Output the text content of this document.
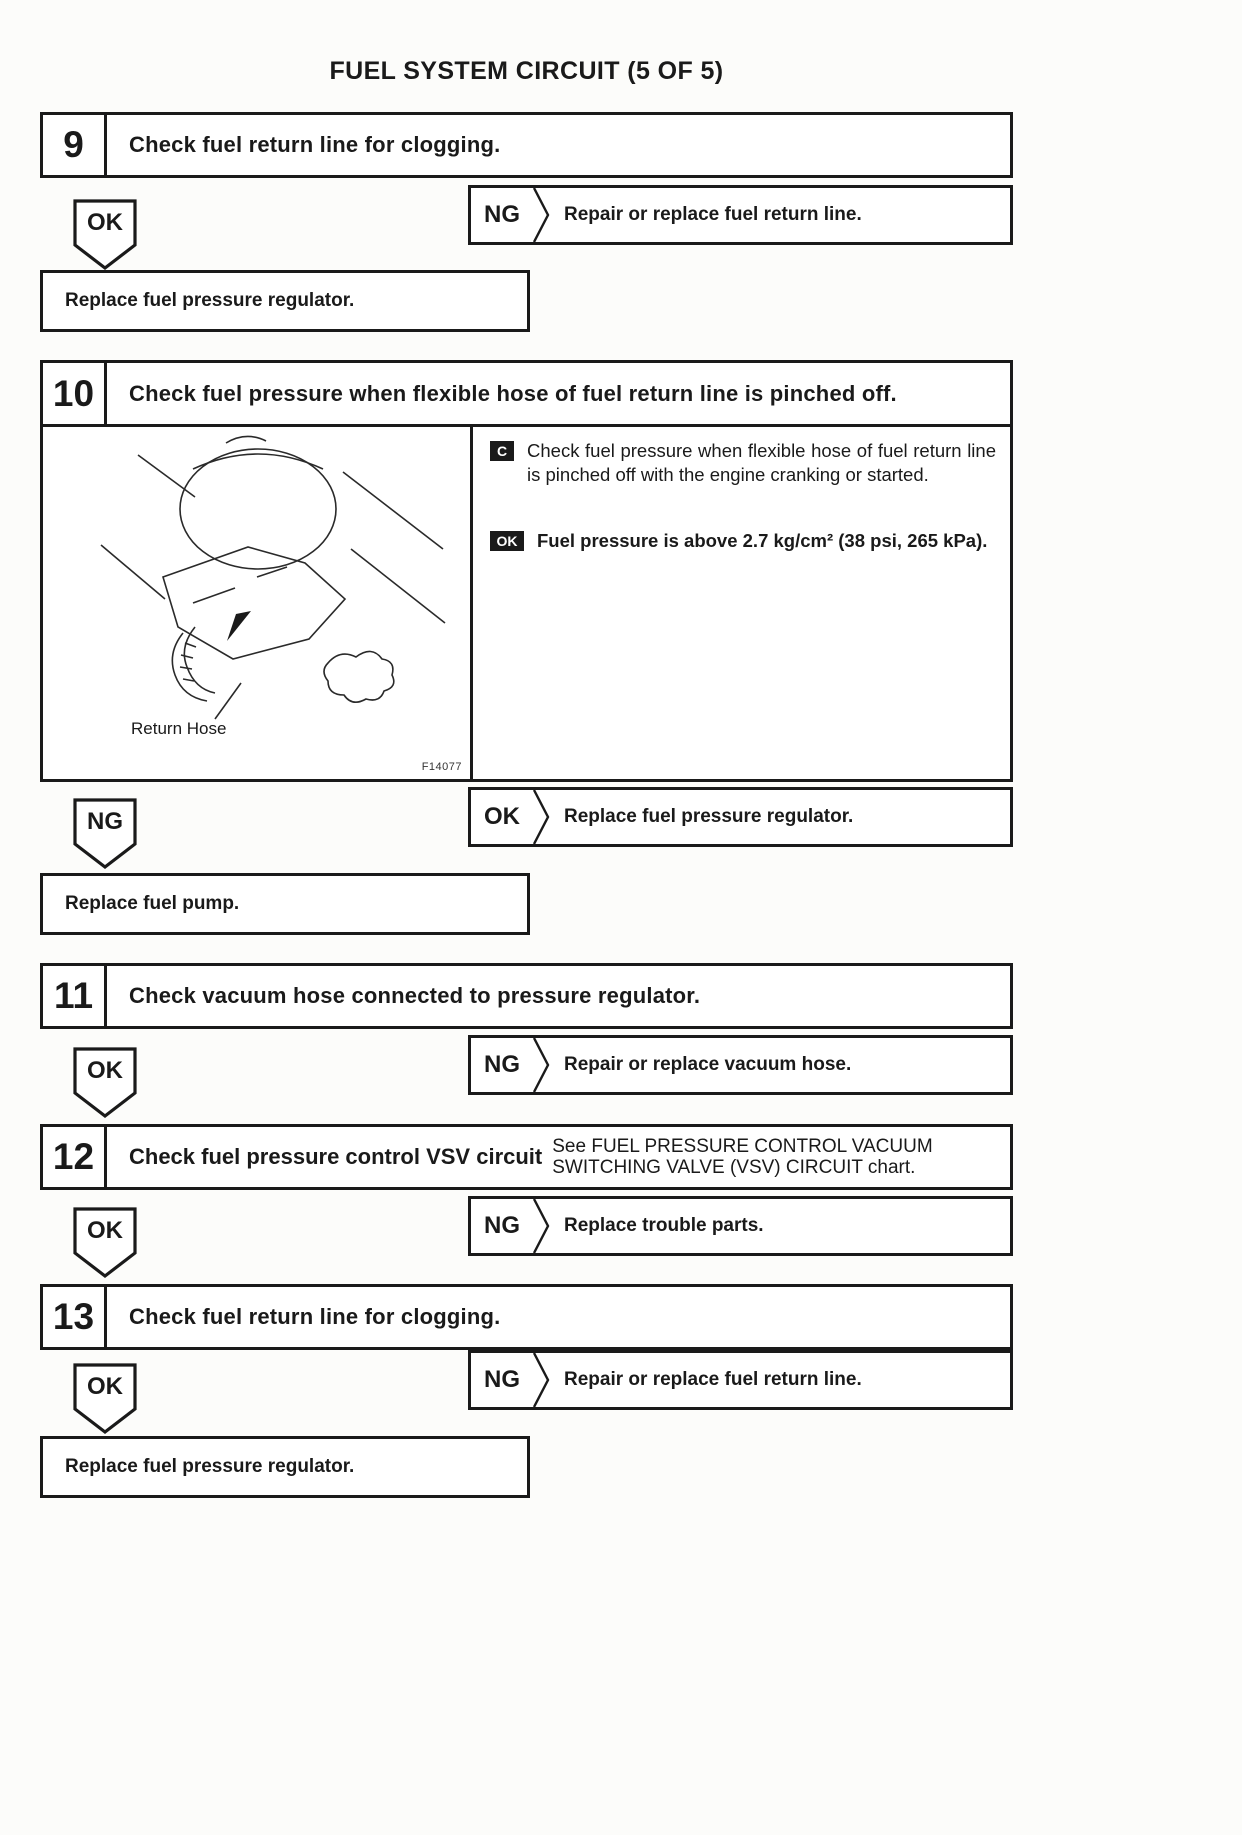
FUEL SYSTEM CIRCUIT (5 OF 5)
9	Check fuel return line for clogging.
NG	Repair or replace fuel return line.
OK
Replace fuel pressure regulator.
10	Check fuel pressure when flexible hose of fuel return line is pinched off.
Return Hose
F14077
C	Check fuel pressure when flexible hose of fuel return line is pinched off with the engine cranking or started.
OK	Fuel pressure is above 2.7 kg/cm² (38 psi, 265 kPa).
OK	Replace fuel pressure regulator.
NG
Replace fuel pump.
11	Check vacuum hose connected to pressure regulator.
NG	Repair or replace vacuum hose.
OK
12	Check fuel pressure control VSV circuit See FUEL PRESSURE CONTROL VACUUM SWITCHING VALVE (VSV) CIRCUIT chart.
NG	Replace trouble parts.
OK
13	Check fuel return line for clogging.
NG	Repair or replace fuel return line.
OK
Replace fuel pressure regulator.
